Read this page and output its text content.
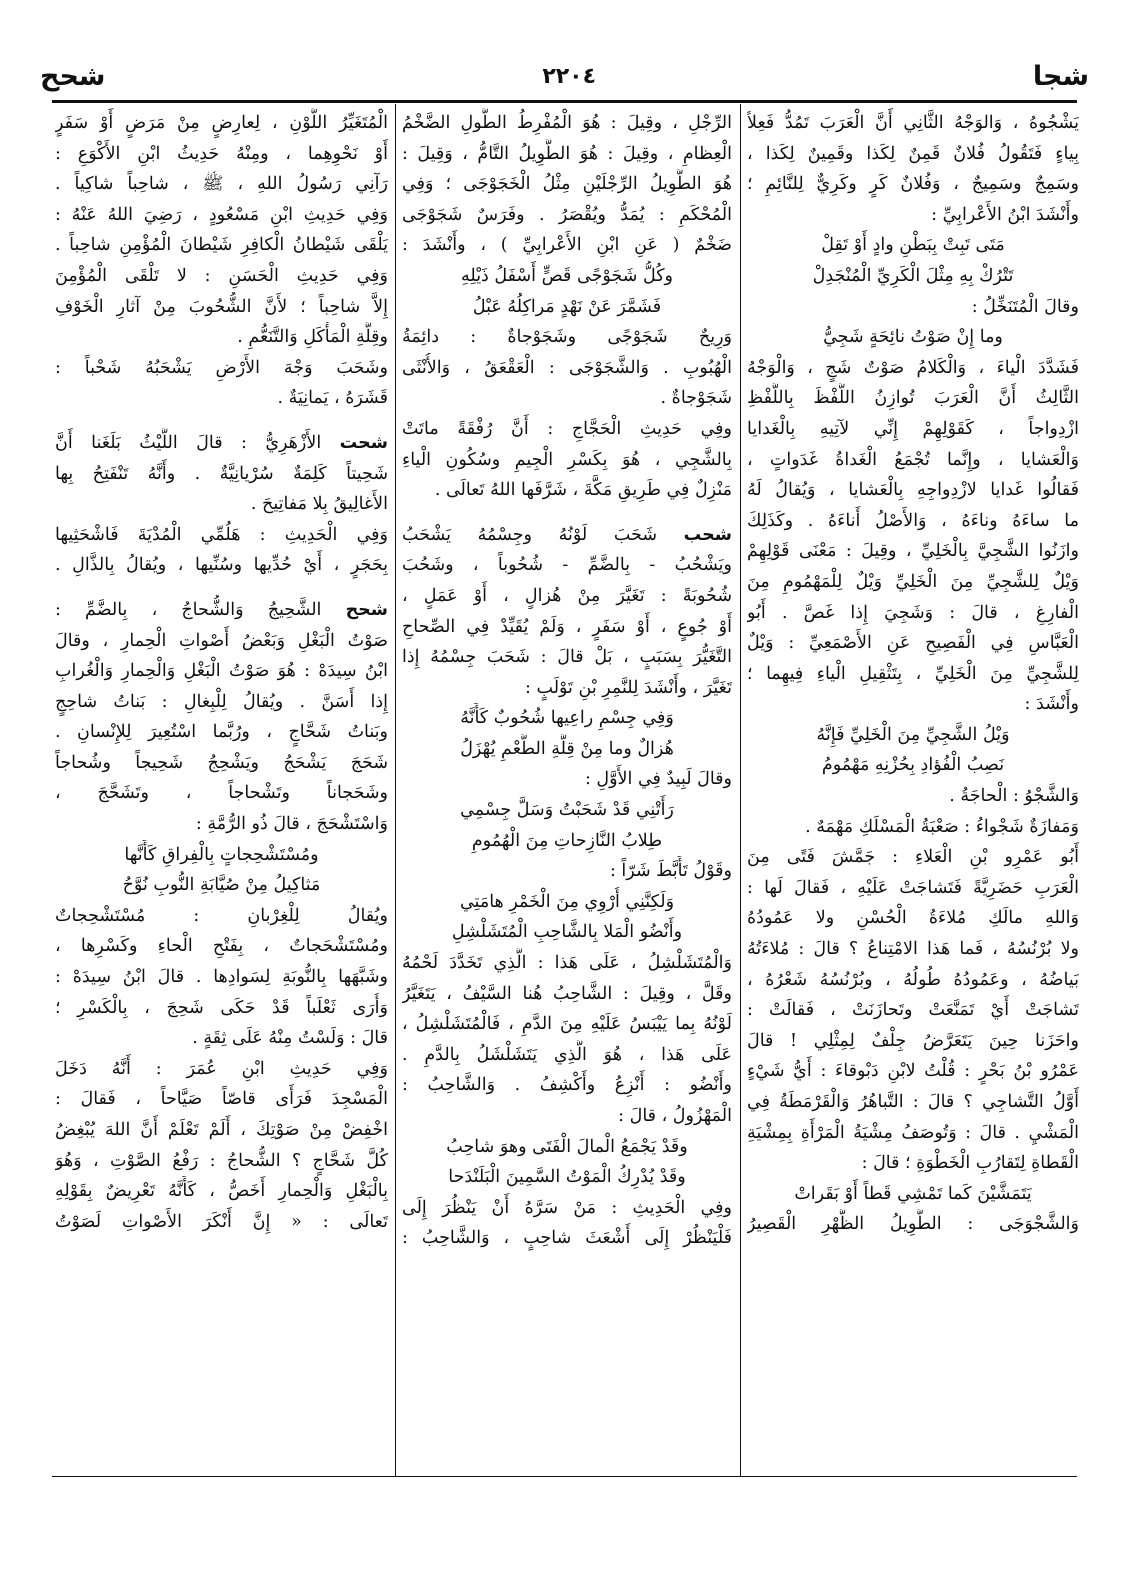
شجا
٢٢٠٤
شحح
يَشْجُوهُ ، وَالوَجْهُ الثَّانِي أَنَّ الْعَرَبَ تَمُدُّ فَعِلاً
بِياءٍ فَتَقُولُ فُلانٌ قَمِنٌ لِكَذا وقَمِينٌ لِكَذا ،
وسَمِجٌ وسَمِيجٌ ، وَفُلانٌ كَرٍ وكَرِيٌّ لِلنَّائِمِ ؛
وأَنْشَدَ ابْنُ الأَعْرابِيِّ :
مَتَى تَبِتْ بِبَطْنِ وادٍ أَوْ تَقِلْ
تَتْرُكْ بِهِ مِثْلَ الْكَرِيِّ الْمُنْجَدِلْ
وقالَ الْمُتَنَخِّلُ :
وما إِنْ صَوْتُ نائِحَةٍ شَجِيُّ
فَشَدَّدَ الْياءَ ، وَالْكَلامُ صَوْتٌ شَجٍ ، وَالْوَجْهُ
الثَّالِثُ أَنَّ الْعَرَبَ تُوازِنُ اللَّفْظَ بِاللَّفْظِ
ازْدِواجاً ، كَقَوْلِهِمْ إِنِّي لآتِيهِ بِالْغَدايا
وَالْعَشايا ، وإِنَّما تُجْمَعُ الْغَداةُ غَدَواتٍ ،
فَقالُوا غَدايا لازْدِواجِهِ بِالْعَشايا ، وَيُقالُ لَهُ
ما ساءَهُ وناءَهُ ، وَالأَصْلُ أَناءَهُ . وكَذَلِكَ
وازَنُوا الشَّجِيَّ بِالْخَلِيِّ ، وقِيلَ : مَعْنَى قَوْلِهِمْ
وَيْلٌ لِلشَّجِيِّ مِنَ الْخَلِيِّ وَيْلٌ لِلْمَهْمُومِ مِنَ
الْفارِغِ ، قالَ : وَشَجِيَ إِذا غَصَّ . أَبُو
الْعَبَّاسِ فِي الْفَصِيحِ عَنِ الأَصْمَعِيِّ : وَيْلٌ
لِلشَّجِيِّ مِنَ الْخَلِيِّ ، بِتَثْقِيلِ الْياءِ فِيهِما ؛
وأَنْشَدَ :
وَيْلُ الشَّجِيِّ مِنَ الْخَلِيِّ فَإِنَّهُ
نَصِبُ الْفُؤادِ بِحُزْنِهِ مَهْمُومُ
وَالشَّجْوُ : الْحاجَةُ .
وَمَفازَةٌ شَجْواءُ : صَعْبَةُ الْمَسْلَكِ مَهْمَهٌ .
أَبُو عَمْرِو بْنِ الْعَلاءِ : جَمَّشَ فَتًى مِنَ
الْعَرَبِ حَضَرِيَّةً فَتَشاجَتْ عَلَيْهِ ، فَقالَ لَها :
وَاللهِ مالَكِ مُلاءَةُ الْحُسْنِ ولا عَمُودُهُ
ولا بُرْنُسُهُ ، فَما هَذا الامْتِناعُ ؟ قالَ : مُلاءَتُهُ
بَياضُهُ ، وعَمُودُهُ طُولُهُ ، وبُرْنُسُهُ شَعْرُهُ ،
تَشاجَتْ أَيْ تَمَنَّعَتْ وتَحازَنَتْ ، فَقالَتْ :
واحَزَنا حِينَ يَتَعَرَّضُ جِلْفٌ لِمِثْلِي ! قالَ
عَمْرُو بْنُ بَحْرٍ : قُلْتُ لابْنِ دَبْوقاءَ : أَيُّ شَيْءٍ
أَوَّلُ التَّشاجِي ؟ قالَ : التَّباهُرُ وَالْقَرْمَطَةُ فِي
الْمَشْيِ . قالَ : وَتُوصَفُ مِشْيَةُ الْمَرْأَةِ بِمِشْيَةِ
الْقَطاةِ لِتَقارُبِ الْخَطْوَةِ ؛ قالَ :
يَتَمَشَّيْنَ كَما تَمْشِي قَطاً أَوْ بَقَراتْ
وَالشَّجْوَجَى : الطَّوِيلُ الظَّهْرِ الْقَصِيرُ
الرِّجْلِ ، وقِيلَ : هُوَ الْمُفْرِطُ الطُّولِ الضَّخْمُ
الْعِظامِ ، وقِيلَ : هُوَ الطَّوِيلُ التَّامُّ ، وَقِيلَ :
هُوَ الطَّوِيلُ الرِّجْلَيْنِ مِثْلُ الْخَجَوْجَى ؛ وَفِي
الْمُحْكَمِ : يُمَدُّ ويُقْصَرُ . وفَرَسٌ شَجَوْجَى
ضَخْمٌ ( عَنِ ابْنِ الأَعْرابِيِّ ) ، وأَنْشَدَ :
وكُلُّ شَجَوْجًى قَصٍّ أَسْفَلُ ذَيْلِهِ
فَشَمَّرَ عَنْ نَهْدٍ مَراكِلُهُ عَبْلُ
وَرِيحٌ شَجَوْجًى وشَجَوْجاةٌ : دائِمَةُ
الْهُبُوبِ . وَالشَّجَوْجَى : الْعَقْعَقُ ، وَالأُنْثَى
شَجَوْجاةٌ .
وفِي حَدِيثِ الْحَجَّاجِ : أَنَّ رُفْقَةً ماتَتْ
بِالشَّجِي ، هُوَ بِكَسْرِ الْجِيمِ وسُكُونِ الْياءِ
مَنْزِلٌ فِي طَرِيقِ مَكَّةَ ، شَرَّفَها اللهُ تَعالَى .
شحب شَحَبَ لَوْنُهُ وجِسْمُهُ يَشْحَبُ
ويَشْحُبُ - بِالضَّمِّ - شُحُوباً ، وشَحُبَ
شُحُوبَةً : تَغَيَّرَ مِنْ هُزالٍ ، أَوْ عَمَلٍ ،
أَوْ جُوعٍ ، أَوْ سَفَرٍ ، وَلَمْ يُقَيِّدْ فِي الصِّحاحِ
التَّغَيُّرَ بِسَبَبٍ ، بَلْ قالَ : شَحَبَ جِسْمُهُ إِذا
تَغَيَّرَ ، وأَنْشَدَ لِلنَّمِرِ بْنِ تَوْلَبٍ :
وَفِي جِسْمِ راعِيها شُحُوبٌ كَأَنَّهُ
هُزالٌ وما مِنْ قِلَّةِ الطُّعْمِ يُهْزَلُ
وقالَ لَبِيدٌ فِي الأَوَّلِ :
رَأَتْنِي قَدْ شَحَبْتُ وَسَلَّ جِسْمِي
طِلابُ النَّازِحاتِ مِنَ الْهُمُومِ
وقَوْلُ تَأَبَّطَ شَرّاً :
وَلَكِنَّنِي أُرْوِي مِنَ الْخَمْرِ هامَتِي
وأَنْضُو الْمَلا بِالشَّاحِبِ الْمُتَشَلْشِلِ
وَالْمُتَشَلْشِلُ ، عَلَى هَذا : الَّذِي تَخَدَّدَ لَحْمُهُ
وقَلَّ ، وقِيلَ : الشَّاحِبُ هُنا السَّيْفُ ، يَتَغَيَّرُ
لَوْنُهُ بِما يَيْبَسُ عَلَيْهِ مِنَ الدَّمِ ، فَالْمُتَشَلْشِلُ ،
عَلَى هَذا ، هُوَ الَّذِي يَتَشَلْشَلُ بِالدَّمِ .
وأَنْضُو : أَنْزِعُ وأَكْشِفُ . وَالشَّاحِبُ :
الْمَهْزُولُ ، قالَ :
وقَدْ يَجْمَعُ الْمالَ الْفَتَى وهوَ شاحِبُ
وقَدْ يُدْرِكُ الْمَوْتُ السَّمِينَ الْبَلَنْدَحا
وفِي الْحَدِيثِ : مَنْ سَرَّهُ أَنْ يَنْظُرَ إِلَى
فَلْيَنْظُرْ إِلَى أَشْعَثَ شاحِبٍ ، وَالشَّاحِبُ :
الْمُتَغَيِّرُ اللَّوْنِ ، لِعارِضٍ مِنْ مَرَضٍ أَوْ سَفَرٍ
أَوْ نَحْوِهِما ، ومِنْهُ حَدِيثُ ابْنِ الأَكْوَعِ :
رَآنِي رَسُولُ اللهِ ، ﷺ ، شاحِباً شاكِياً .
وَفِي حَدِيثِ ابْنِ مَسْعُودٍ ، رَضِيَ اللهُ عَنْهُ :
يَلْقَى شَيْطانُ الْكافِرِ شَيْطانَ الْمُؤْمِنِ شاحِباً .
وَفِي حَدِيثِ الْحَسَنِ : لا تَلْقَى الْمُؤْمِنَ
إِلاَّ شاحِباً ؛ لأَنَّ الشُّحُوبَ مِنْ آثارِ الْخَوْفِ
وقِلَّةِ الْمَأْكَلِ وَالتَّنَعُّمِ .
وشَحَبَ وَجْهَ الأَرْضِ يَشْحَبُهُ شَحْباً :
قَشَرَهُ ، يَمانِيَةٌ .
شحت الأَزْهَرِيُّ : قالَ اللَّيْثُ بَلَغَنا أَنَّ
شَحِيتاً كَلِمَةٌ سُرْيانِيَّةٌ . وأَنَّهُ تَنْفَتِحُ بِها
الأَغالِيقُ بِلا مَفاتِيحَ .
وَفِي الْحَدِيثِ : هَلُمِّي الْمُدْيَةَ فَاشْحَثِيها
بِحَجَرٍ ، أَيْ حُدِّيها وسُنِّيها ، ويُقالُ بِالذَّالِ .
شحح الشَّحِيجُ وَالشُّحاجُ ، بِالضَّمِّ :
صَوْتُ الْبَغْلِ وَبَعْضُ أَصْواتِ الْحِمارِ ، وقالَ
ابْنُ سِيدَهْ : هُوَ صَوْتُ الْبَغْلِ وَالْحِمارِ وَالْغُرابِ
إِذا أَسَنَّ . ويُقالُ لِلْبِغالِ : بَناتُ شاحِجٍ
وبَناتُ شَحَّاجٍ ، ورُبَّما اسْتُعِيرَ لِلإِنْسانِ .
شَحَجَ يَشْحَجُ ويَشْحِجُ شَحِيجاً وشُحاجاً
وشَحَجاناً وتَشْحاجاً ، وتَشَحَّجَ ،
وَاسْتَشْحَجَ ، قالَ ذُو الرُّمَّةِ :
ومُسْتَشْحِجاتٍ بِالْفِراقِ كَأَنَّها
مَثاكِيلُ مِنْ صُيَّابَةِ النُّوبِ نُوَّحُ
ويُقالُ لِلْغِرْبانِ : مُسْتَشْحِجاتٌ
ومُسْتَشْحَجاتٌ ، بِفَتْحِ الْحاءِ وكَسْرِها ،
وشَبَّهَها بِالنُّوبَةِ لِسَوادِها . قالَ ابْنُ سِيدَهْ :
وَأُرَى ثَعْلَباً قَدْ حَكَى شَحِجَ ، بِالْكَسْرِ ؛
قالَ : وَلَسْتُ مِنْهُ عَلَى ثِقَةٍ .
وَفِي حَدِيثِ ابْنِ عُمَرَ : أَنَّهُ دَخَلَ
الْمَسْجِدَ فَرَأَى قاصّاً صَيَّاحاً ، فَقالَ :
اخْفِضْ مِنْ صَوْتِكَ ، أَلَمْ تَعْلَمْ أَنَّ اللهَ يُبْغِضُ
كُلَّ شَحَّاجٍ ؟ الشُّحاجُ : رَفْعُ الصَّوْتِ ، وَهُوَ
بِالْبَغْلِ وَالْحِمارِ أَخَصُّ ، كَأَنَّهُ تَعْرِيضٌ بِقَوْلِهِ
تَعالَى : « إِنَّ أَنْكَرَ الأَصْواتِ لَصَوْتُ
